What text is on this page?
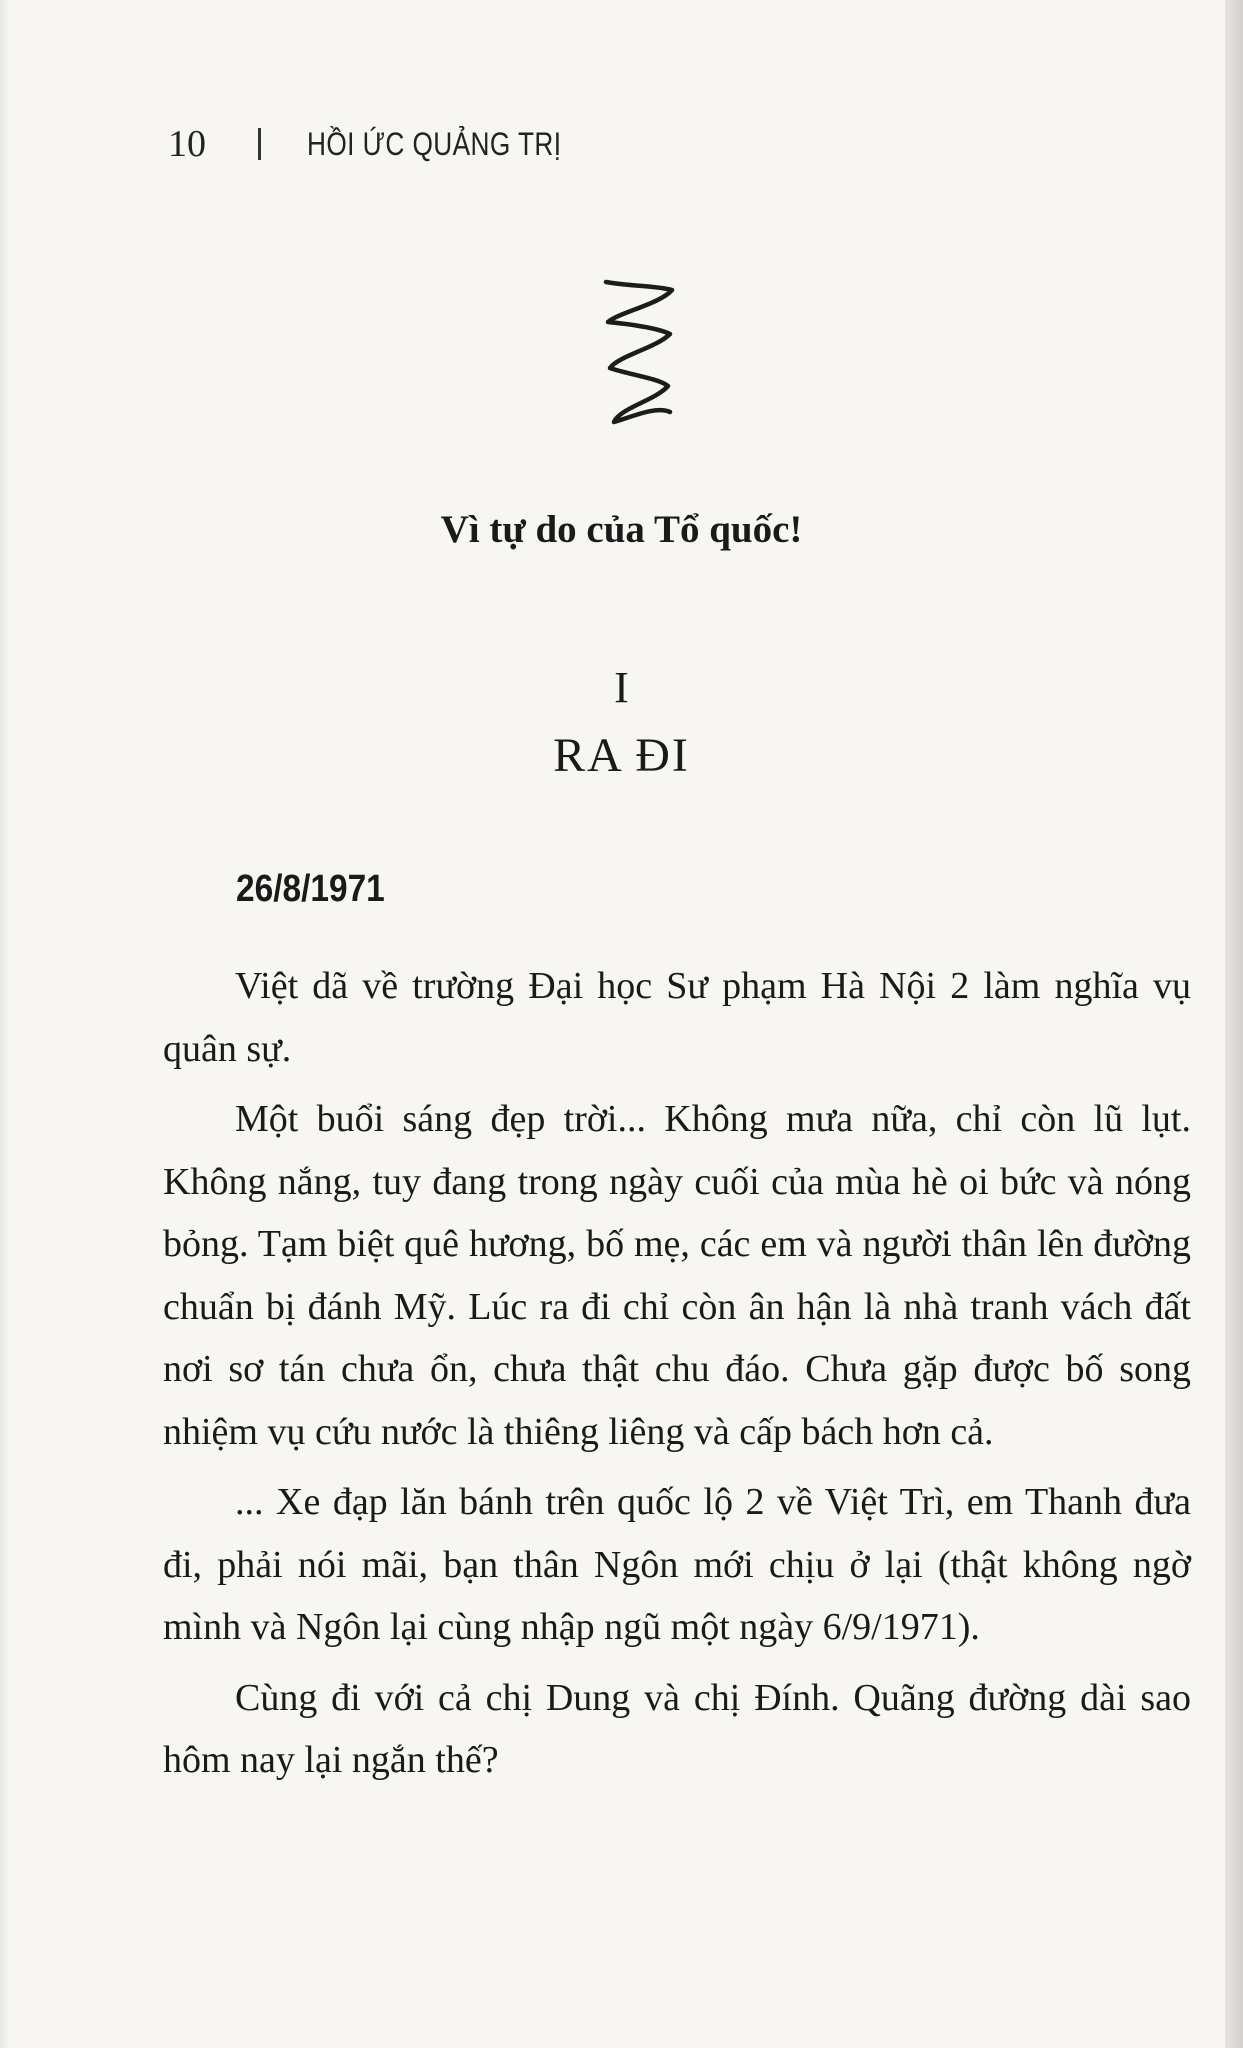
10	HỒI ỨC QUẢNG TRỊ
Vì tự do của Tổ quốc!
I
RA ĐI
26/8/1971

Việt dã về trường Đại học Sư phạm Hà Nội 2 làm nghĩa vụ quân sự.

Một buổi sáng đẹp trời... Không mưa nữa, chỉ còn lũ lụt. Không nắng, tuy đang trong ngày cuối của mùa hè oi bức và nóng bỏng. Tạm biệt quê hương, bố mẹ, các em và người thân lên đường chuẩn bị đánh Mỹ. Lúc ra đi chỉ còn ân hận là nhà tranh vách đất nơi sơ tán chưa ổn, chưa thật chu đáo. Chưa gặp được bố song nhiệm vụ cứu nước là thiêng liêng và cấp bách hơn cả.

... Xe đạp lăn bánh trên quốc lộ 2 về Việt Trì, em Thanh đưa đi, phải nói mãi, bạn thân Ngôn mới chịu ở lại (thật không ngờ mình và Ngôn lại cùng nhập ngũ một ngày 6/9/1971).

Cùng đi với cả chị Dung và chị Đính. Quãng đường dài sao hôm nay lại ngắn thế?
